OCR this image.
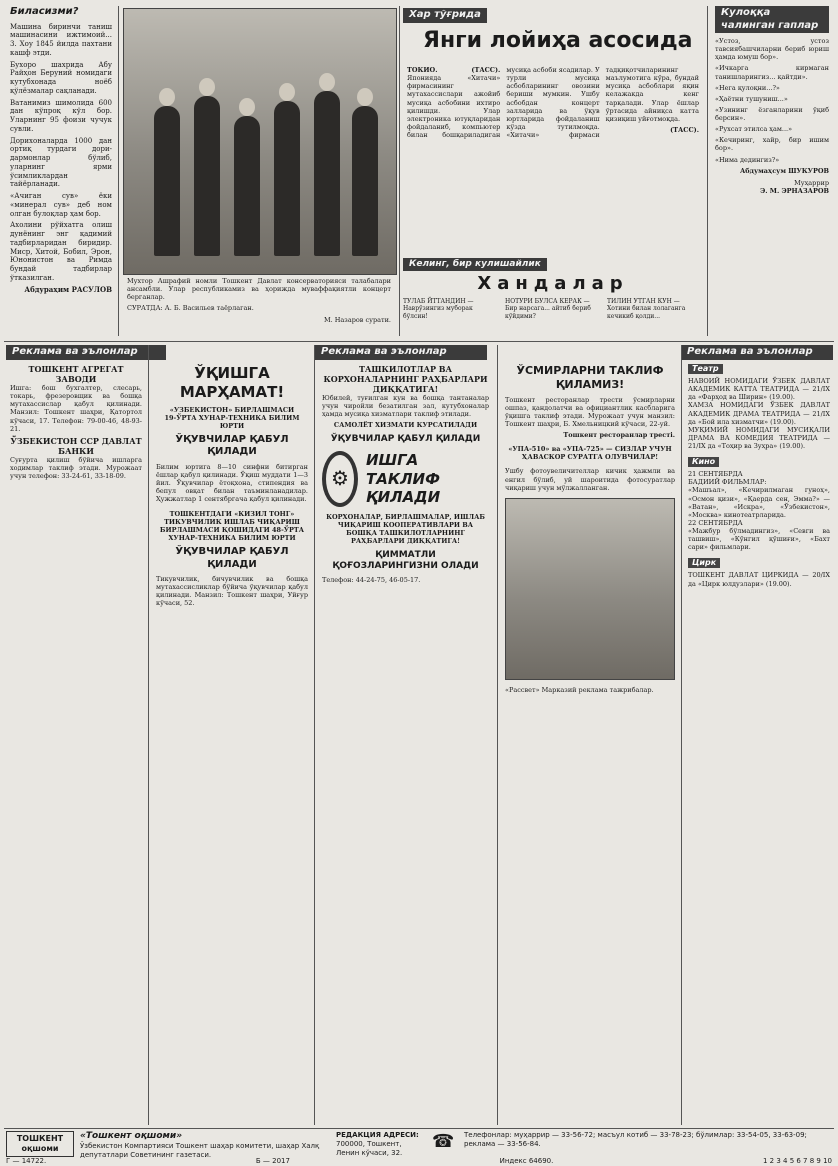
Биласизми?

Машина биринчи таниш машинасини ижтимоий... 3. Хоу 1845 йилда пахтани кашф этди.

Бухоро шахрида Абу Райҳон Беруний номидаги кутубхонада ноёб қўлёзмалар сақланади.

Ватанимиз шимолида 600 дан кўпроқ кўл бор. Уларнинг 95 фоизи чучук сувли.

Дорихоналарда 1000 дан ортиқ турдаги дори-дармонлар бўлиб, уларнинг ярми ўсимликлардан тайёрланади.

«Ачиган сув» ёки «минерал сув» деб ном олган булоқлар ҳам бор.

Ахолини рўйхатга олиш дунёнинг энг қадимий тадбирларидан биридир. Миср, Хитой, Бобил, Эрон, Юнонистон ва Римда бундай тадбирлар ўтказилган.

Абдураҳим РАСУЛОВ

Мухтор Ашрафий номли Тошкент Давлат консерваторияси талабалари ансамбли. Улар республикамиз ва ҳорижда муваффақиятли концерт берганлар.

СУРАТДА: А. Б. Васильев таёрлаган.

М. Назаров сурати.

Хар тўғрида
Янги лойиҳа асосида

ТОКИО. (ТАСС). Японияда «Хитачи» фирмасининг мутахассислари ажойиб мусиқа асбобини ихтиро қилишди. Улар электроника ютуқларидан фойдаланиб, компьютер билан бошқариладиган мусиқа асбоби ясадилар. У турли мусиқа асбобларининг овозини бериши мумкин. Ушбу асбобдан концерт залларида ва ўқув юртларида фойдаланиш кўзда тутилмоқда. «Хитачи» фирмаси тадқиқотчиларининг маълумотига кўра, бундай мусиқа асбоблари яқин келажакда кенг тарқалади. Улар ёшлар ўртасида айниқса катта қизиқиш уйғотмоқда.

(ТАСС).

Келинг, бир кулишайлик
Хандалар
ТУЛАБ ЙТТАНДИН — Наврўзингиз муборак бўлсин!
НОТУРИ БУЛСА КЕРАК — Бир нарсага... айтиб бериб кўйдими?
ТИЛИН УТГАН КУН — Хотини билан лолаганга кечикиб қолди...
Кулоққа чалинган гаплар

«Устоз, устоз тавсиябашчиларни бериб юриш ҳамда юмуш бор».

«Ичкарга кирмаган танишларингиз... қайтди».

«Нега қулоқни...?»

«Ҳаётни тушуниш...»

«Узининг ёзганларини ўқиб берсин».

«Рухсат этилса ҳам...»

«Кечиринг, хайр, бир ишим бор».

«Нима дедингиз?»

Абдумаҳсум ШУКУРОВ

Муҳаррир
Э. М. ЭРНАЗАРОВ
Реклама ва эълонлар	Реклама ва эълонлар	Реклама ва эълонлар
ТОШКЕНТ АГРЕГАТ ЗАВОДИ

Ишга: бош бухгалтер, слесарь, токарь, фрезеровщик ва бошқа мутахассислар қабул қилинади. Манзил: Тошкент шаҳри, Қатортол кўчаси, 17. Телефон: 79-00-46, 48-93-21.

ЎЗБЕКИСТОН ССР ДАВЛАТ БАНКИ

Суғурта қилиш бўйича ишларга ходимлар таклиф этади. Мурожаат учун телефон: 33-24-61, 33-18-09.

ЎҚИШГА МАРҲАМАТ!
«УЗБЕКИСТОН» БИРЛАШМАСИ
19-ЎРТА ХУНАР-ТЕХНИКА БИЛИМ ЮРТИ
ЎҚУВЧИЛАР ҚАБУЛ ҚИЛАДИ

Билим юртига 8—10 синфни битирган ёшлар қабул қилинади. Ўқиш муддати 1—3 йил. Ўқувчилар ётоқхона, стипендия ва бепул овқат билан таъминланадилар. Ҳужжатлар 1 сентябргача қабул қилинади.

ТОШКЕНТДАГИ «КИЗИЛ ТОНГ» ТИКУВЧИЛИК ИШЛАБ ЧИҚАРИШ БИРЛАШМАСИ ҚОШИДАГИ 48-ЎРТА ХУНАР-ТЕХНИКА БИЛИМ ЮРТИ
ЎҚУВЧИЛАР ҚАБУЛ ҚИЛАДИ

Тикувчилик, бичувчилик ва бошқа мутахассисликлар бўйича ўқувчилар қабул қилинади. Манзил: Тошкент шаҳри, Уйғур кўчаси, 52.

ТАШКИЛОТЛАР ВА КОРХОНАЛАРНИНГ РАҲБАРЛАРИ ДИҚҚАТИГА!

Юбилей, туғилган кун ва бошқа тантаналар учун чиройли безатилган зал, кутубхоналар ҳамда мусиқа хизматлари таклиф этилади.

САМОЛЁТ ХИЗМАТИ КУРСАТИЛАДИ
ЎҚУВЧИЛАР ҚАБУЛ ҚИЛАДИ
⚙
ИШГА ТАКЛИФ ҚИЛАДИ
КОРХОНАЛАР, БИРЛАШМАЛАР, ИШЛАБ ЧИҚАРИШ КООПЕРАТИВЛАРИ ВА БОШҚА ТАШКИЛОТЛАРНИНГ РАҲБАРЛАРИ ДИҚҚАТИГА!
ҚИММАТЛИ ҚОҒОЗЛАРИНГИЗНИ ОЛАДИ

Телефон: 44-24-75, 46-05-17.

ЎСМИРЛАРНИ ТАКЛИФ ҚИЛАМИЗ!

Тошкент ресторанлар трести ўсмирларни ошпаз, қандолатчи ва официантлик касбларига ўқишга таклиф этади. Мурожаат учун манзил: Тошкент шаҳри, Б. Хмельницкий кўчаси, 22-уй.

Тошкент ресторанлар тресті.

«УПА-510» ва «УПА-725» — СИЗЛАР УЧУН ҲАВАСКОР СУРАТГА ОЛУВЧИЛАР!

Ушбу фотоувеличителлар кичик ҳажмли ва енгил бўлиб, уй шароитида фотосуратлар чиқариш учун мўлжалланган.

«Рассвет» Марказий реклама тажрибалар.

Театр

НАВОИЙ НОМИДАГИ ЎЗБЕК ДАВЛАТ АКАДЕМИК КАТТА ТЕАТРИДА — 21/IX да «Фарҳод ва Ширин» (19.00).
ХАМЗА НОМИДАГИ ЎЗБЕК ДАВЛАТ АКАДЕМИК ДРАМА ТЕАТРИДА — 21/IX да «Бой ила хизматчи» (19.00).
МУҚИМИЙ НОМИДАГИ МУСИҚАЛИ ДРАМА ВА КОМЕДИЯ ТЕАТРИДА — 21/IX да «Тоҳир ва Зуҳра» (19.00).

Кино

21 СЕНТЯБРДА
БАДИИЙ ФИЛЬМЛАР:
«Машъал», «Кечирилмаган гуноҳ», «Осмон қизи», «Қаерда сен, Эмма?» — «Ватан», «Искра», «Ўзбекистон», «Москва» кинотеатрларида.
22 СЕНТЯБРДА
«Мажбур бўлмадингиз», «Севги ва ташвиш», «Кўнгил қўшиғи», «Бахт сари» фильмлари.

Цирк

ТОШКЕНТ ДАВЛАТ ЦИРКИДА — 20/IX да «Цирк юлдузлари» (19.00).

ТОШКЕНТ оқшоми
«Тошкент оқшоми»
Ўзбекистон Компартияси Тошкент шаҳар комитети, шаҳар Халқ депутатлари Советининг газетаси.
РЕДАКЦИЯ АДРЕСИ:
700000, Тошкент, Ленин кўчаси, 32.
☎	Телефонлар: муҳаррир — 33-56-72; масъул котиб — 33-78-23; бўлимлар: 33-54-05, 33-63-09; реклама — 33-56-84.
Г — 14722.	Б — 2017	Индекс 64690.	1 2 3 4 5 6 7 8 9 10
